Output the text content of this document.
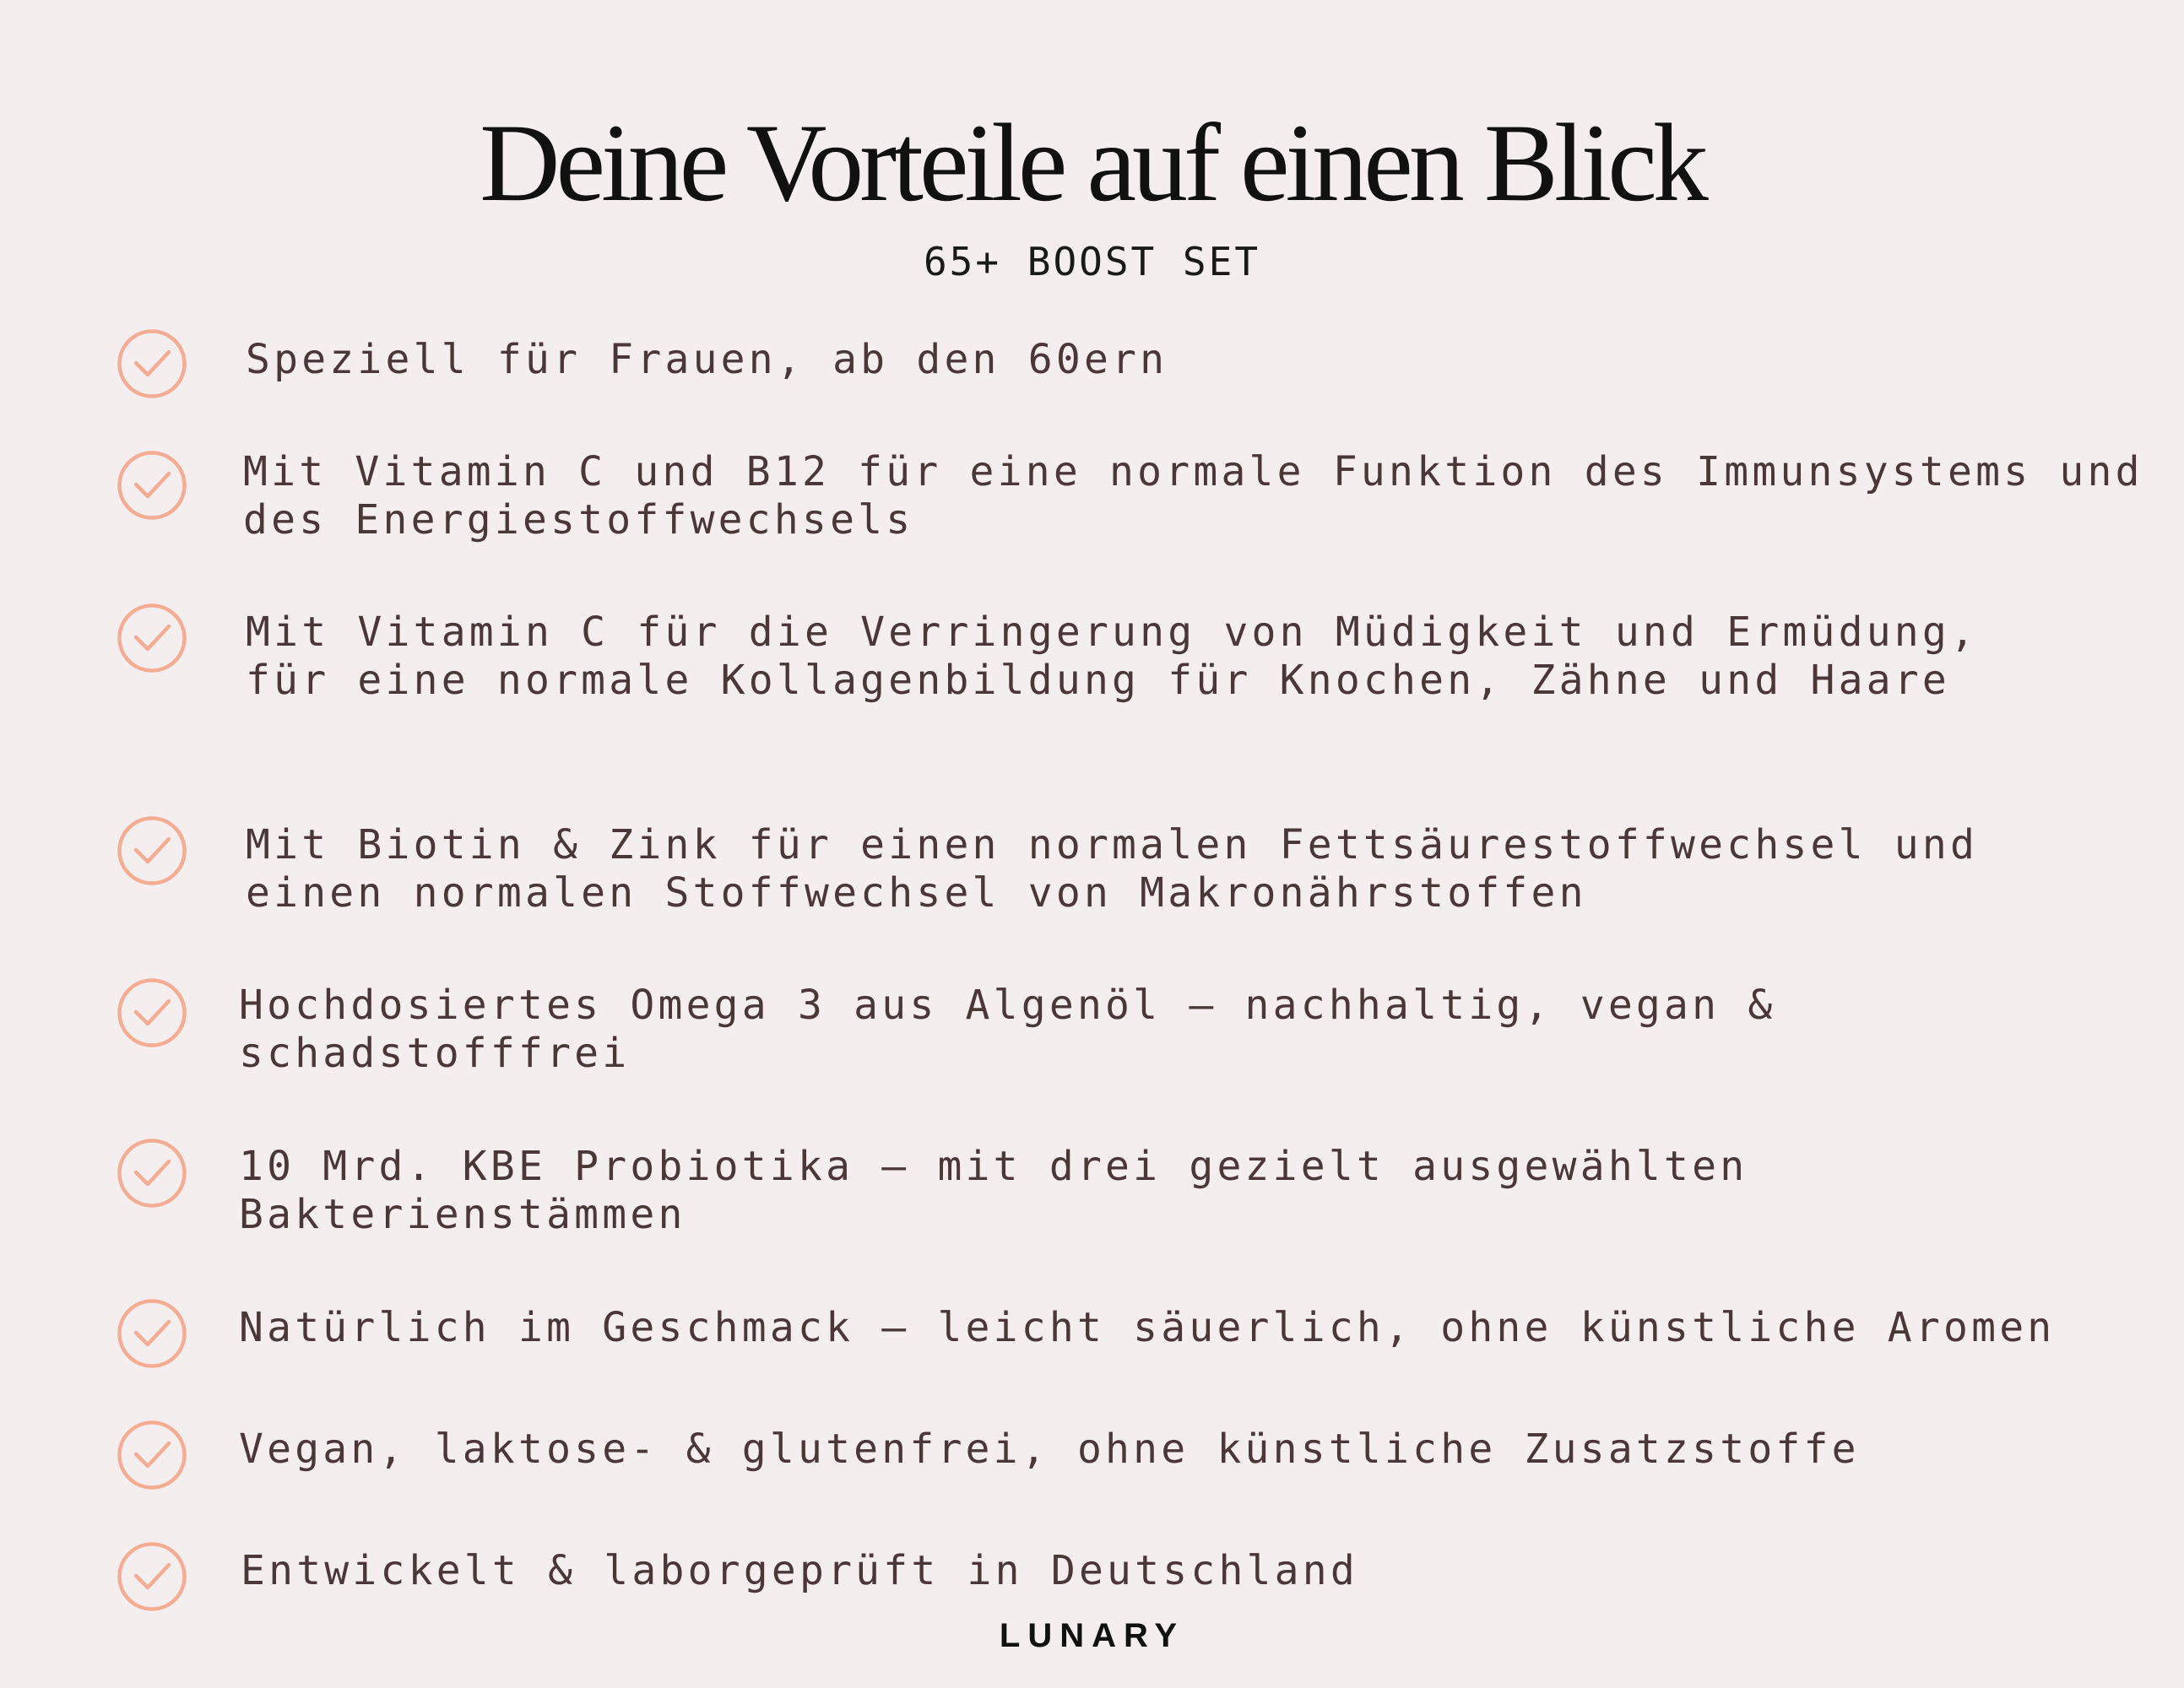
Deine Vorteile auf einen Blick
65+ BOOST SET

Speziell für Frauen, ab den 60ern

Mit Vitamin C und B12 für eine normale Funktion des Immunsystems und
des Energiestoffwechsels

Mit Vitamin C für die Verringerung von Müdigkeit und Ermüdung,
für eine normale Kollagenbildung für Knochen, Zähne und Haare

Mit Biotin & Zink für einen normalen Fettsäurestoffwechsel und
einen normalen Stoffwechsel von Makronährstoffen

Hochdosiertes Omega 3 aus Algenöl – nachhaltig, vegan &
schadstofffrei

10 Mrd. KBE Probiotika – mit drei gezielt ausgewählten
Bakterienstämmen

Natürlich im Geschmack – leicht säuerlich, ohne künstliche Aromen

Vegan, laktose- & glutenfrei, ohne künstliche Zusatzstoffe

Entwickelt & laborgeprüft in Deutschland

LUNARY
